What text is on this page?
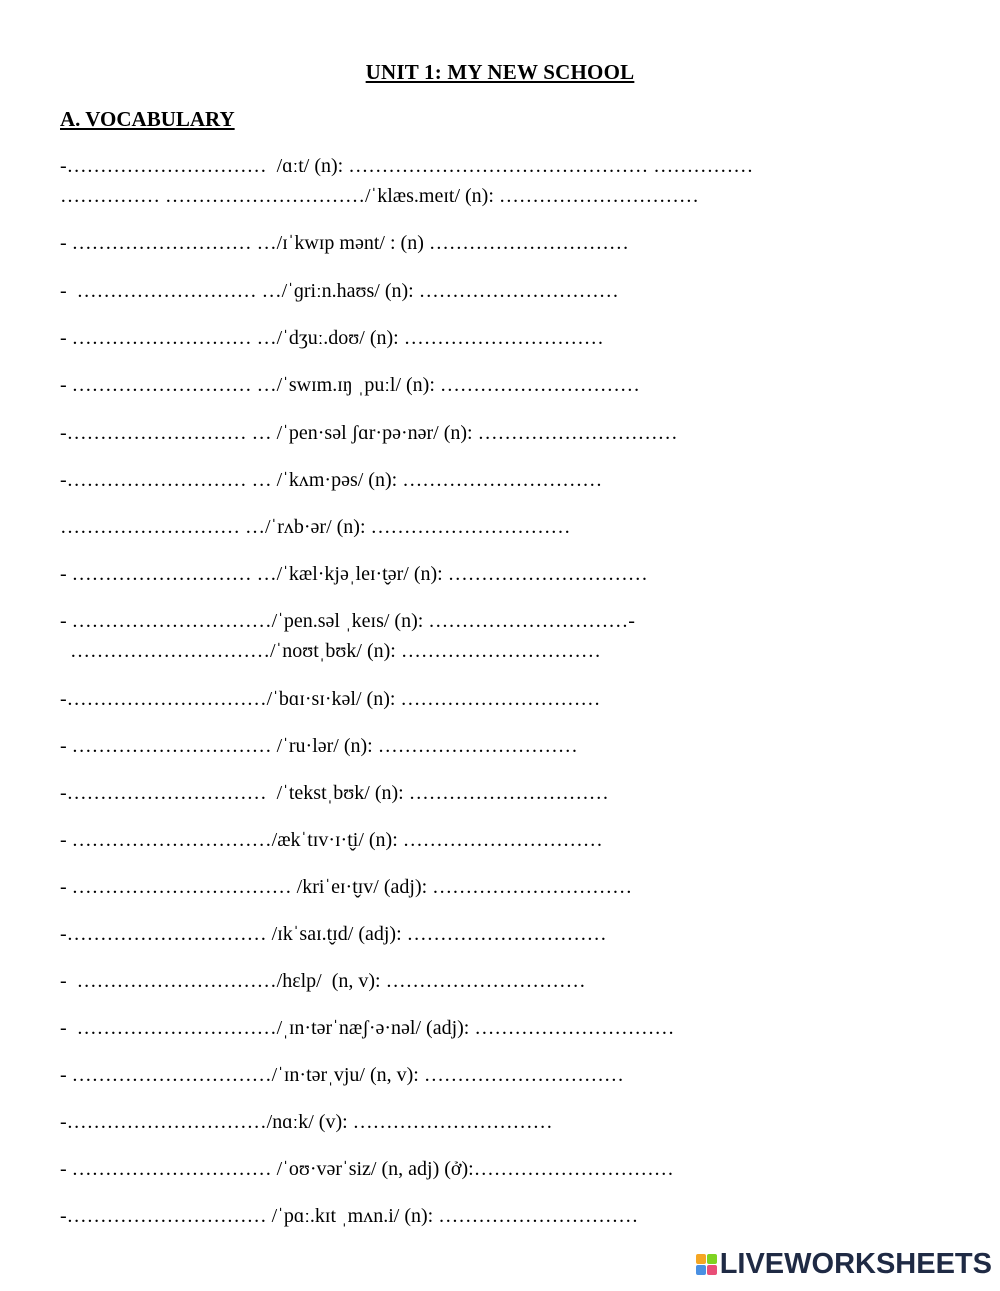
UNIT 1: MY NEW SCHOOL
A. VOCABULARY
-…………………………  /ɑːt/ (n): ……………………………………… ……………
…………… …………………………/ˈklæs.meɪt/ (n): …………………………
- ……………………… …/ɪˈkwɪp mənt/ : (n) …………………………
-  ……………………… …/ˈɡriːn.haʊs/ (n): …………………………
- ……………………… …/ˈdʒuː.doʊ/ (n): …………………………
- ……………………… …/ˈswɪm.ɪŋ ˌpuːl/ (n): …………………………
-……………………… … /ˈpen·səl ʃɑr·pə·nər/ (n): …………………………
-……………………… … /ˈkʌm·pəs/ (n): …………………………
……………………… …/ˈrʌb·ər/ (n): …………………………
- ……………………… …/ˈkæl·kjəˌleɪ·t̬ər/ (n): …………………………
- …………………………/ˈpen.səl ˌkeɪs/ (n): …………………………-
…………………………/ˈnoʊtˌbʊk/ (n): …………………………
-…………………………/ˈbɑɪ·sɪ·kəl/ (n): …………………………
- ………………………… /ˈru·lər/ (n): …………………………
-…………………………  /ˈtekstˌbʊk/ (n): …………………………
- …………………………/ækˈtɪv·ɪ·t̬i/ (n): …………………………
- …………………………… /kriˈeɪ·t̬ɪv/ (adj): …………………………
-………………………… /ɪkˈsaɪ.t̬ɪd/ (adj): …………………………
-  …………………………/hɛlp/  (n, v): …………………………
-  …………………………/ˌɪn·tərˈnæʃ·ə·nəl/ (adj): …………………………
- …………………………/ˈɪn·tərˌvju/ (n, v): …………………………
-…………………………/nɑːk/ (v): …………………………
- ………………………… /ˈoʊ·vərˈsiz/ (n, adj) (ở):…………………………
-………………………… /ˈpɑː.kɪt ˌmʌn.i/ (n): …………………………
LIVEWORKSHEETS
